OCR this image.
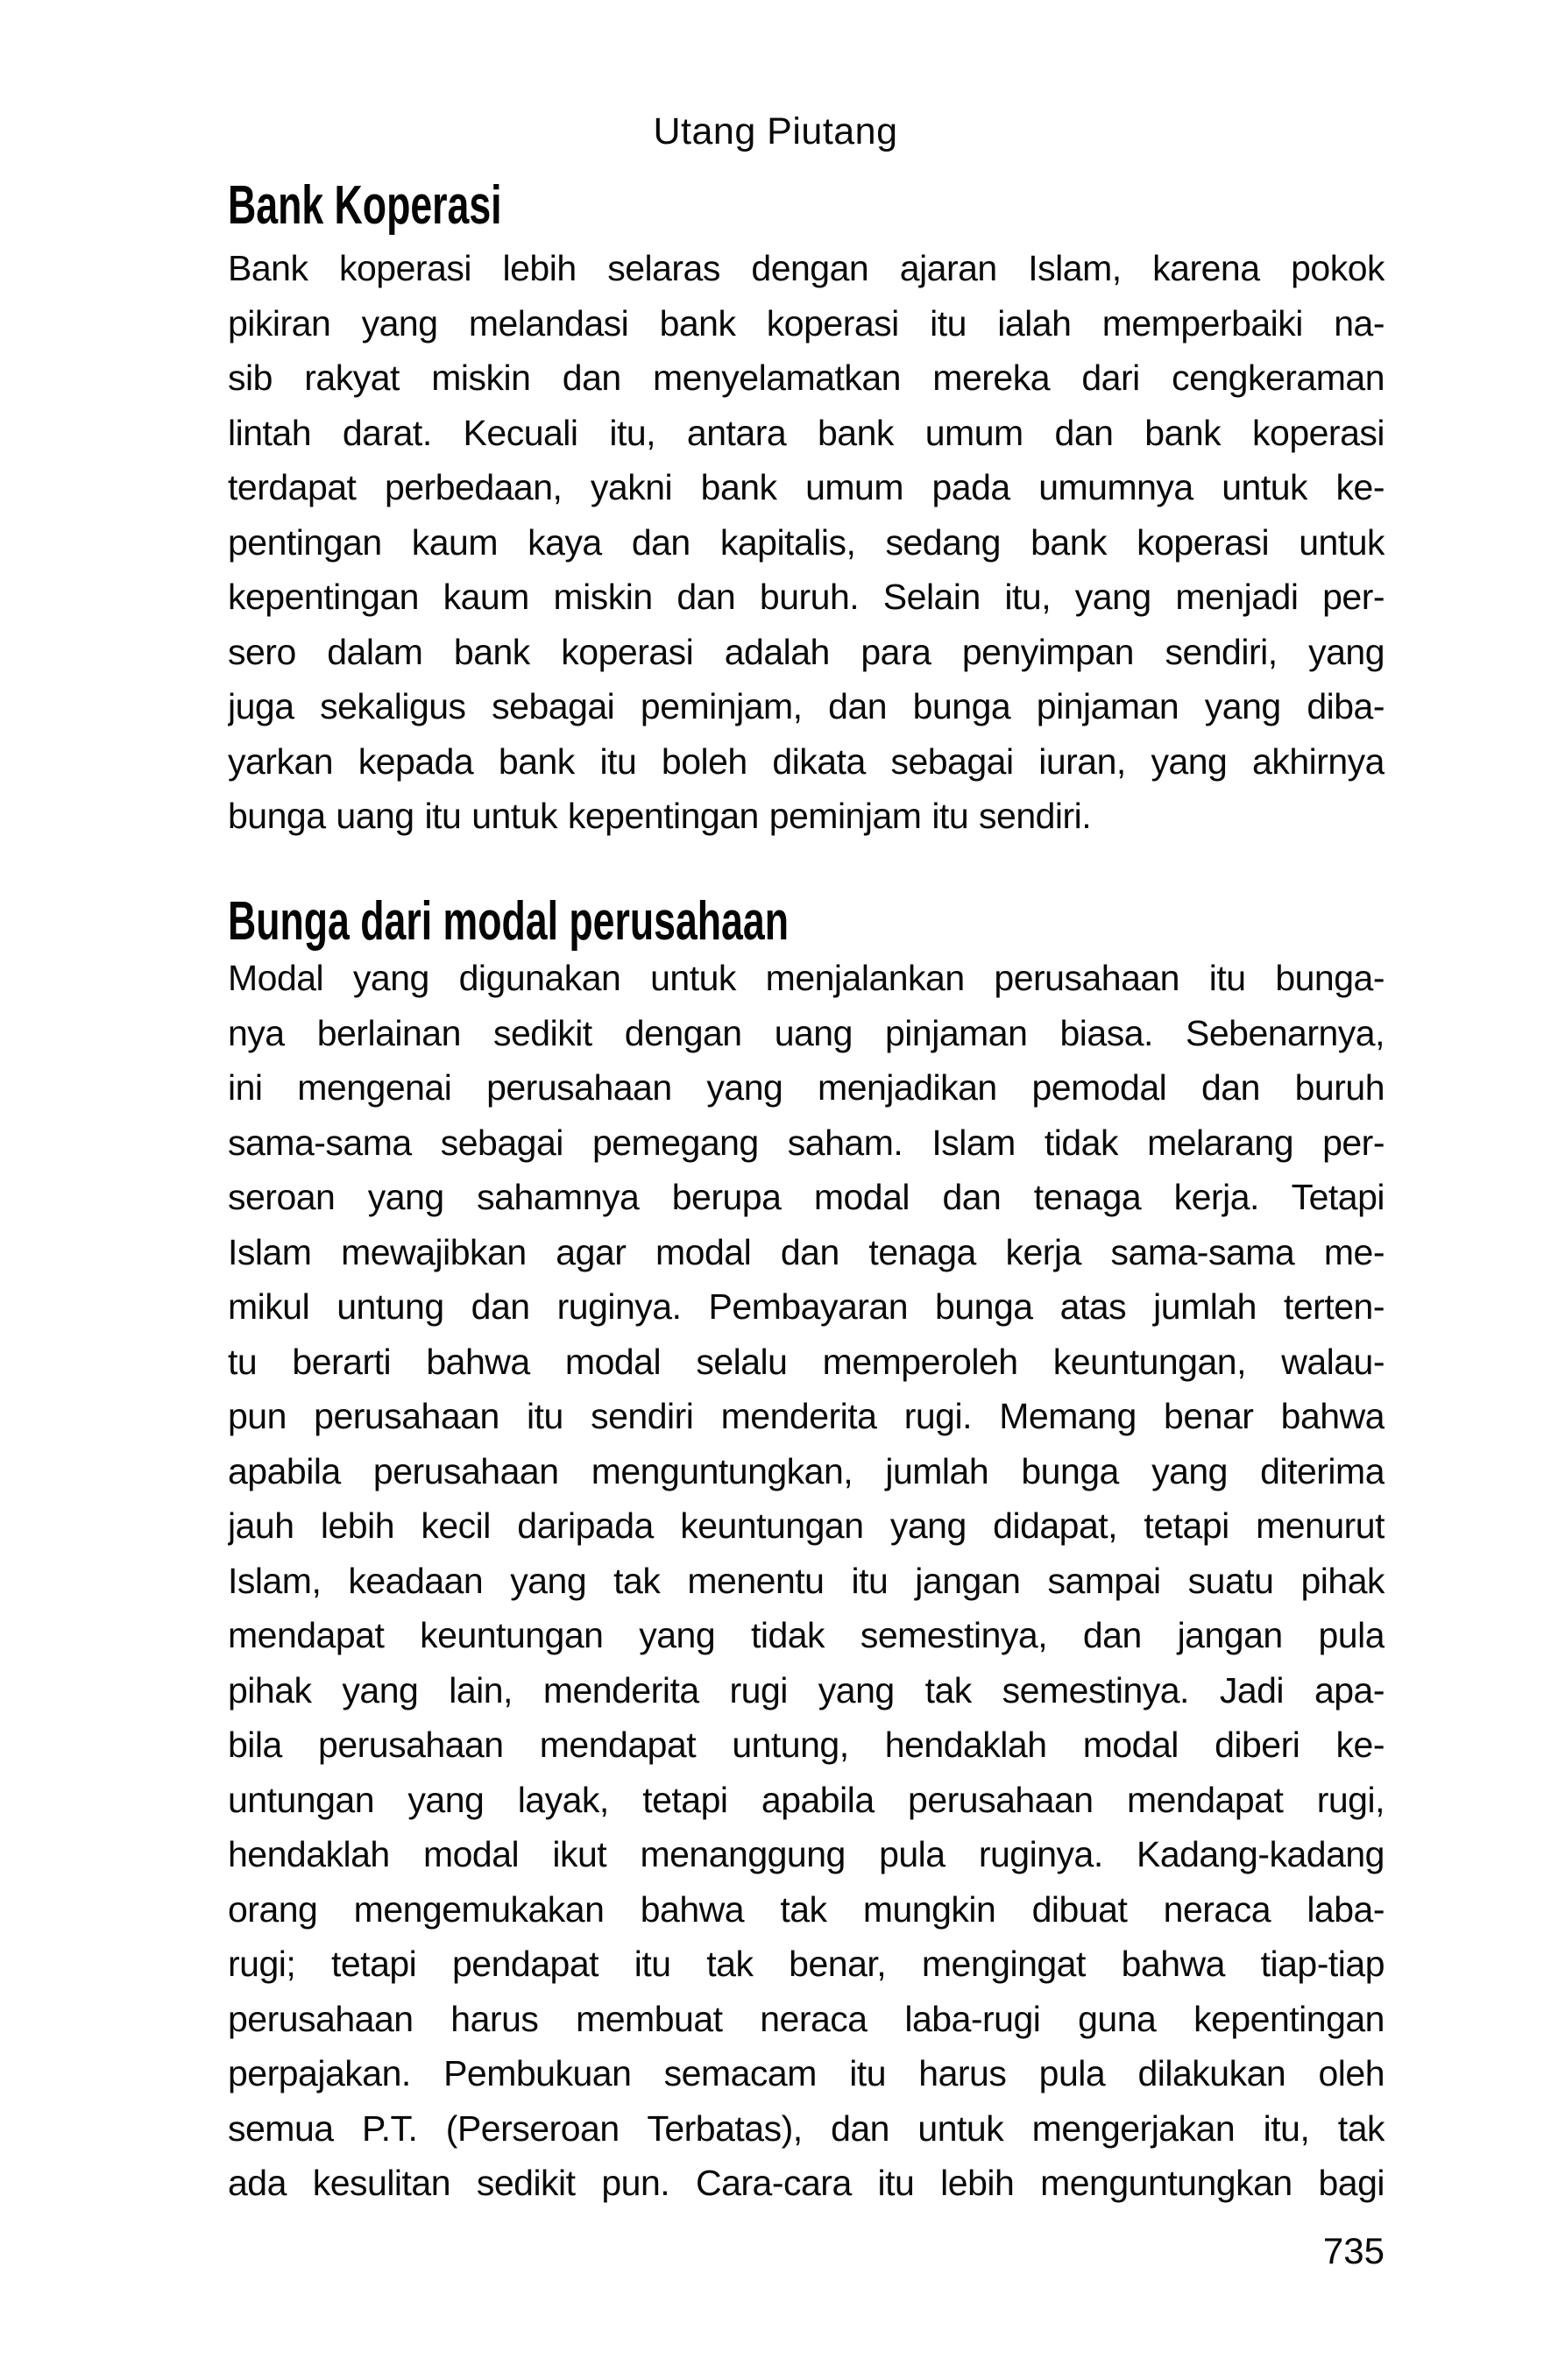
Utang Piutang
Bank Koperasi
Bank koperasi lebih selaras dengan ajaran Islam, karena pokok
pikiran yang melandasi bank koperasi itu ialah memperbaiki na-
sib rakyat miskin dan menyelamatkan mereka dari cengkeraman
lintah darat. Kecuali itu, antara bank umum dan bank koperasi
terdapat perbedaan, yakni bank umum pada umumnya untuk ke-
pentingan kaum kaya dan kapitalis, sedang bank koperasi untuk
kepentingan kaum miskin dan buruh. Selain itu, yang menjadi per-
sero dalam bank koperasi adalah para penyimpan sendiri, yang
juga sekaligus sebagai peminjam, dan bunga pinjaman yang diba-
yarkan kepada bank itu boleh dikata sebagai iuran, yang akhirnya
bunga uang itu untuk kepentingan peminjam itu sendiri.
Bunga dari modal perusahaan
Modal yang digunakan untuk menjalankan perusahaan itu bunga-
nya berlainan sedikit dengan uang pinjaman biasa. Sebenarnya,
ini mengenai perusahaan yang menjadikan pemodal dan buruh
sama-sama sebagai pemegang saham. Islam tidak melarang per-
seroan yang sahamnya berupa modal dan tenaga kerja. Tetapi
Islam mewajibkan agar modal dan tenaga kerja sama-sama me-
mikul untung dan ruginya. Pembayaran bunga atas jumlah terten-
tu berarti bahwa modal selalu memperoleh keuntungan, walau-
pun perusahaan itu sendiri menderita rugi. Memang benar bahwa
apabila perusahaan menguntungkan, jumlah bunga yang diterima
jauh lebih kecil daripada keuntungan yang didapat, tetapi menurut
Islam, keadaan yang tak menentu itu jangan sampai suatu pihak
mendapat keuntungan yang tidak semestinya, dan jangan pula
pihak yang lain, menderita rugi yang tak semestinya. Jadi apa-
bila perusahaan mendapat untung, hendaklah modal diberi ke-
untungan yang layak, tetapi apabila perusahaan mendapat rugi,
hendaklah modal ikut menanggung pula ruginya. Kadang-kadang
orang mengemukakan bahwa tak mungkin dibuat neraca laba-
rugi; tetapi pendapat itu tak benar, mengingat bahwa tiap-tiap
perusahaan harus membuat neraca laba-rugi guna kepentingan
perpajakan. Pembukuan semacam itu harus pula dilakukan oleh
semua P.T. (Perseroan Terbatas), dan untuk mengerjakan itu, tak
ada kesulitan sedikit pun. Cara-cara itu lebih menguntungkan bagi
735
